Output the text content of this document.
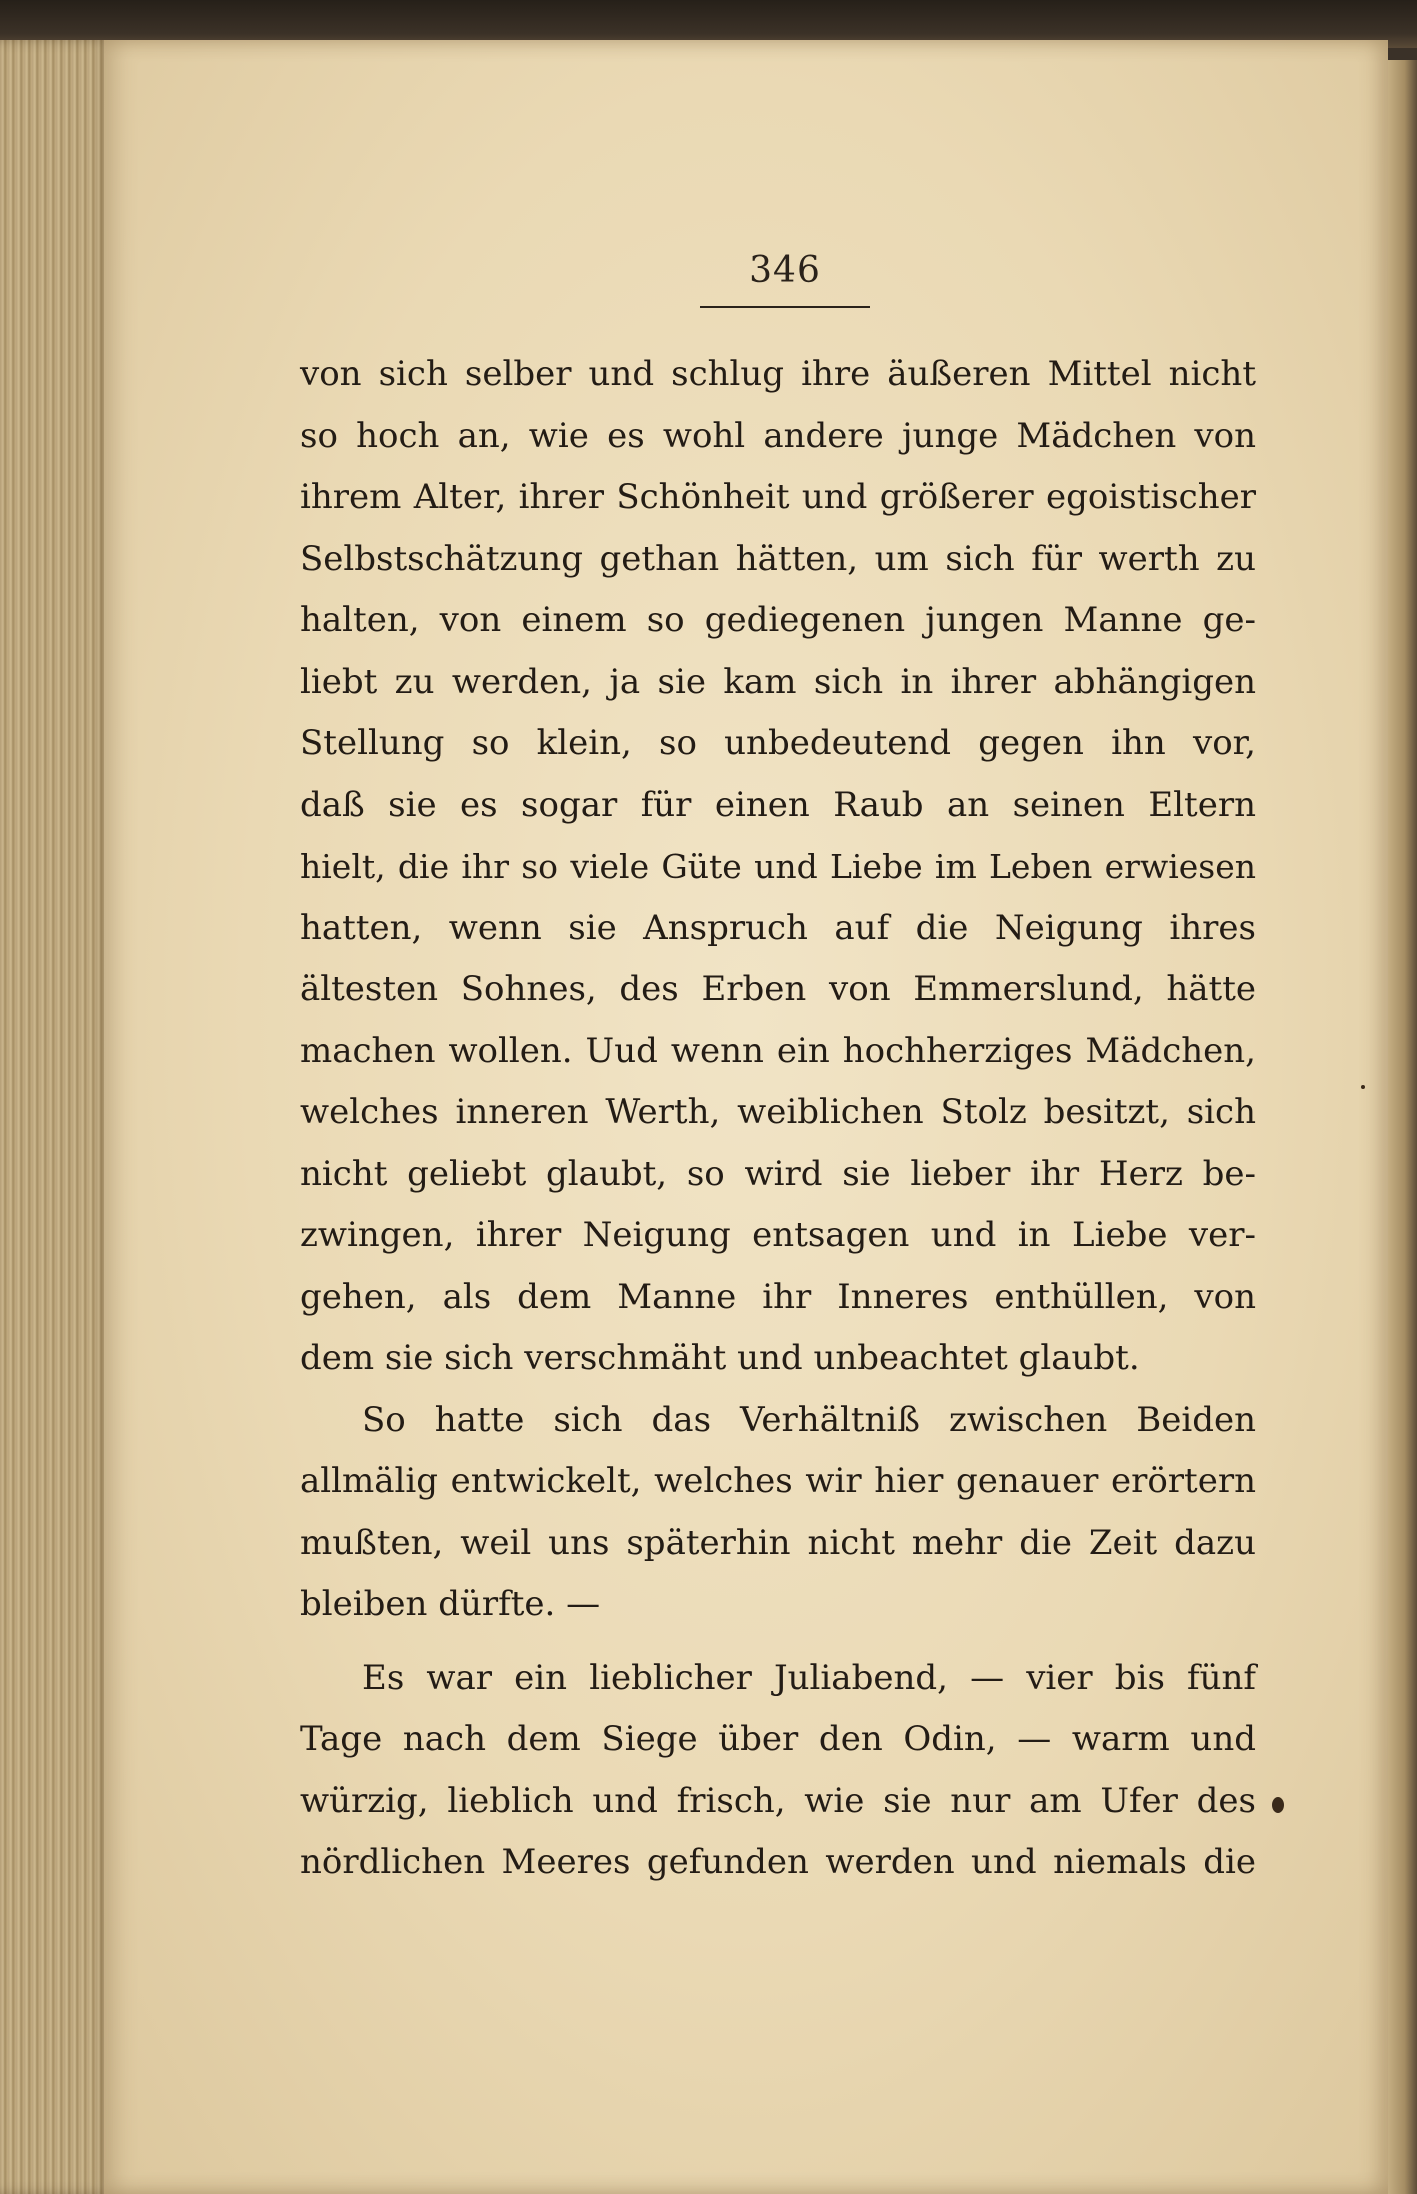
346
von sich selber und schlug ihre äußeren Mittel nicht
so hoch an, wie es wohl andere junge Mädchen von
ihrem Alter, ihrer Schönheit und größerer egoistischer
Selbstschätzung gethan hätten, um sich für werth zu
halten, von einem so gediegenen jungen Manne ge-
liebt zu werden, ja sie kam sich in ihrer abhängigen
Stellung so klein, so unbedeutend gegen ihn vor,
daß sie es sogar für einen Raub an seinen Eltern
hielt, die ihr so viele Güte und Liebe im Leben erwiesen
hatten, wenn sie Anspruch auf die Neigung ihres
ältesten Sohnes, des Erben von Emmerslund, hätte
machen wollen. Uud wenn ein hochherziges Mädchen,
welches inneren Werth, weiblichen Stolz besitzt, sich
nicht geliebt glaubt, so wird sie lieber ihr Herz be-
zwingen, ihrer Neigung entsagen und in Liebe ver-
gehen, als dem Manne ihr Inneres enthüllen, von
dem sie sich verschmäht und unbeachtet glaubt.
So hatte sich das Verhältniß zwischen Beiden
allmälig entwickelt, welches wir hier genauer erörtern
mußten, weil uns späterhin nicht mehr die Zeit dazu
bleiben dürfte. —
Es war ein lieblicher Juliabend, — vier bis fünf
Tage nach dem Siege über den Odin, — warm und
würzig, lieblich und frisch, wie sie nur am Ufer des
nördlichen Meeres gefunden werden und niemals die
